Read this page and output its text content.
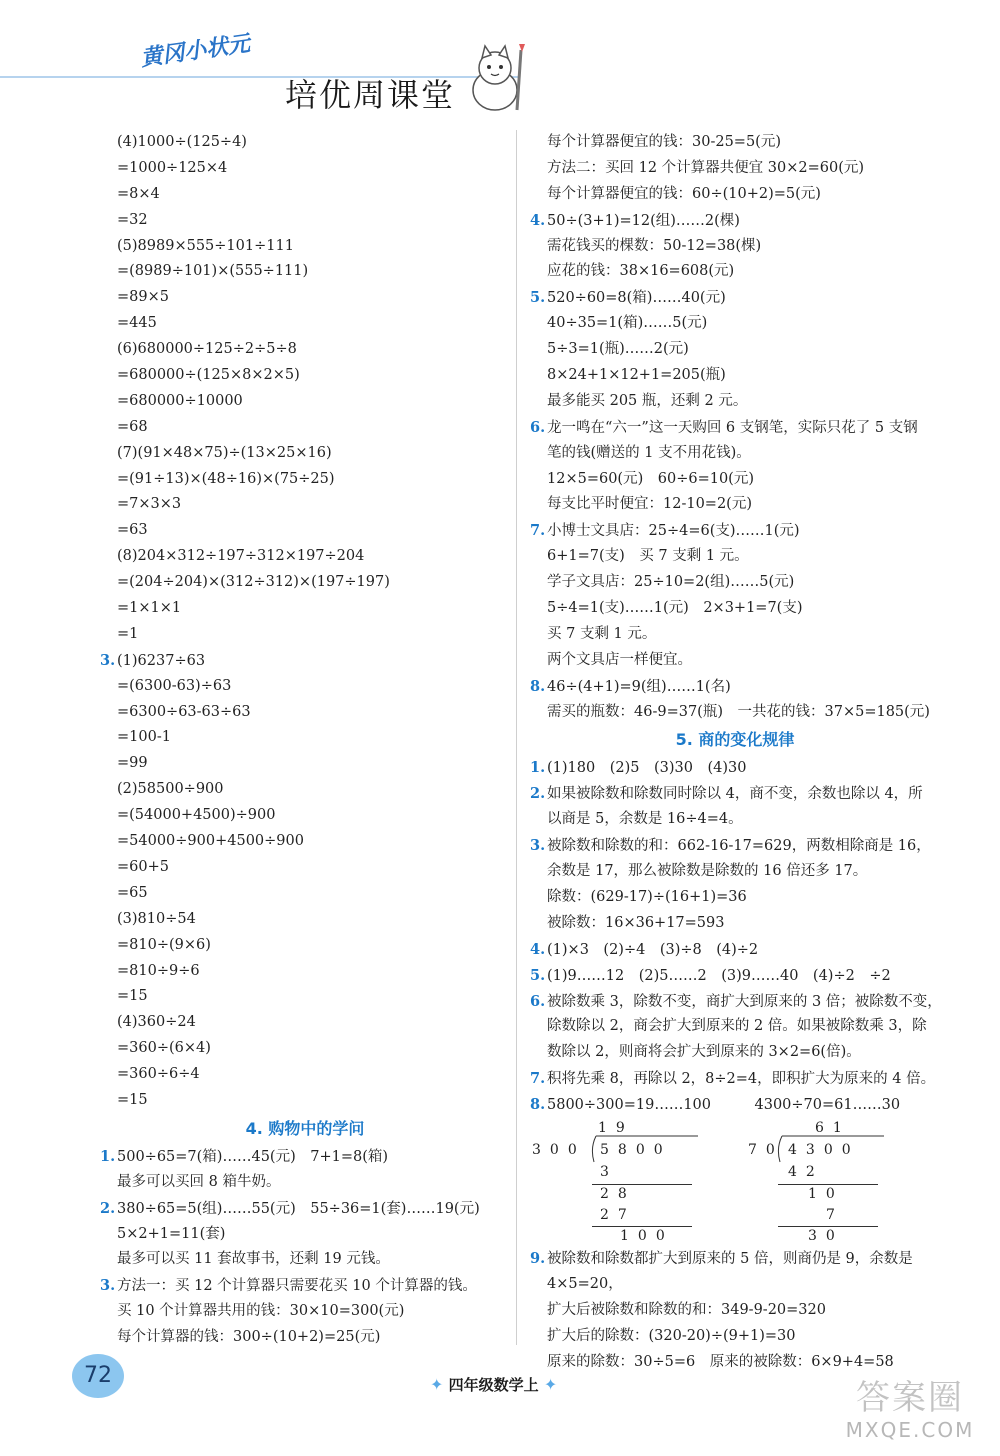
黄冈小状元
培优周课堂
(4)1000÷(125÷4)
=1000÷125×4
=8×4
=32
(5)8989×555÷101÷111
=(8989÷101)×(555÷111)
=89×5
=445
(6)680000÷125÷2÷5÷8
=680000÷(125×8×2×5)
=680000÷10000
=68
(7)(91×48×75)÷(13×25×16)
=(91÷13)×(48÷16)×(75÷25)
=7×3×3
=63
(8)204×312÷197÷312×197÷204
=(204÷204)×(312÷312)×(197÷197)
=1×1×1
=1
3. (1)6237÷63
=(6300-63)÷63
=6300÷63-63÷63
=100-1
=99
(2)58500÷900
=(54000+4500)÷900
=54000÷900+4500÷900
=60+5
=65
(3)810÷54
=810÷(9×6)
=810÷9÷6
=15
(4)360÷24
=360÷(6×4)
=360÷6÷4
=15
4. 购物中的学问
1. 500÷65=7(箱)……45(元)　7+1=8(箱)
最多可以买回 8 箱牛奶。
2. 380÷65=5(组)……55(元)　55÷36=1(套)……19(元)
5×2+1=11(套)
最多可以买 11 套故事书，还剩 19 元钱。
3. 方法一：买 12 个计算器只需要花买 10 个计算器的钱。
买 10 个计算器共用的钱：30×10=300(元)
每个计算器的钱：300÷(10+2)=25(元)
每个计算器便宜的钱：30-25=5(元)
方法二：买回 12 个计算器共便宜 30×2=60(元)
每个计算器便宜的钱：60÷(10+2)=5(元)
4. 50÷(3+1)=12(组)……2(棵)
需花钱买的棵数：50-12=38(棵)
应花的钱：38×16=608(元)
5. 520÷60=8(箱)……40(元)
40÷35=1(箱)……5(元)
5÷3=1(瓶)……2(元)
8×24+1×12+1=205(瓶)
最多能买 205 瓶，还剩 2 元。
6. 龙一鸣在“六一”这一天购回 6 支钢笔，实际只花了 5 支钢
笔的钱(赠送的 1 支不用花钱)。
12×5=60(元)　60÷6=10(元)
每支比平时便宜：12-10=2(元)
7. 小博士文具店：25÷4=6(支)……1(元)
6+1=7(支)　买 7 支剩 1 元。
学子文具店：25÷10=2(组)……5(元)
5÷4=1(支)……1(元)　2×3+1=7(支)
买 7 支剩 1 元。
两个文具店一样便宜。
8. 46÷(4+1)=9(组)……1(名)
需买的瓶数：46-9=37(瓶)　一共花的钱：37×5=185(元)
5. 商的变化规律
1. (1)180　(2)5　(3)30　(4)30
2. 如果被除数和除数同时除以 4，商不变，余数也除以 4，所
以商是 5，余数是 16÷4=4。
3. 被除数和除数的和：662-16-17=629，两数相除商是 16，
余数是 17，那么被除数是除数的 16 倍还多 17。
除数：(629-17)÷(16+1)=36
被除数：16×36+17=593
4. (1)×3　(2)÷4　(3)÷8　(4)÷2
5. (1)9……12　(2)5……2　(3)9……40　(4)÷2　÷2
6. 被除数乘 3，除数不变，商扩大到原来的 3 倍；被除数不变，
除数除以 2，商会扩大到原来的 2 倍。如果被除数乘 3，除
数除以 2，则商将会扩大到原来的 3×2=6(倍)。
7. 积将先乘 8，再除以 2，8÷2=4，即积扩大为原来的 4 倍。
8. 5800÷300=19……100　　　4300÷70=61……30
19
300 5800
3
28
27
100
61
70 4300
42
10
7
30
9. 被除数和除数都扩大到原来的 5 倍，则商仍是 9，余数是
4×5=20，
扩大后被除数和除数的和：349-9-20=320
扩大后的除数：(320-20)÷(9+1)=30
原来的除数：30÷5=6　原来的被除数：6×9+4=58
72	✦ 四年级数学上 ✦	答案圈
MXQE.COM
